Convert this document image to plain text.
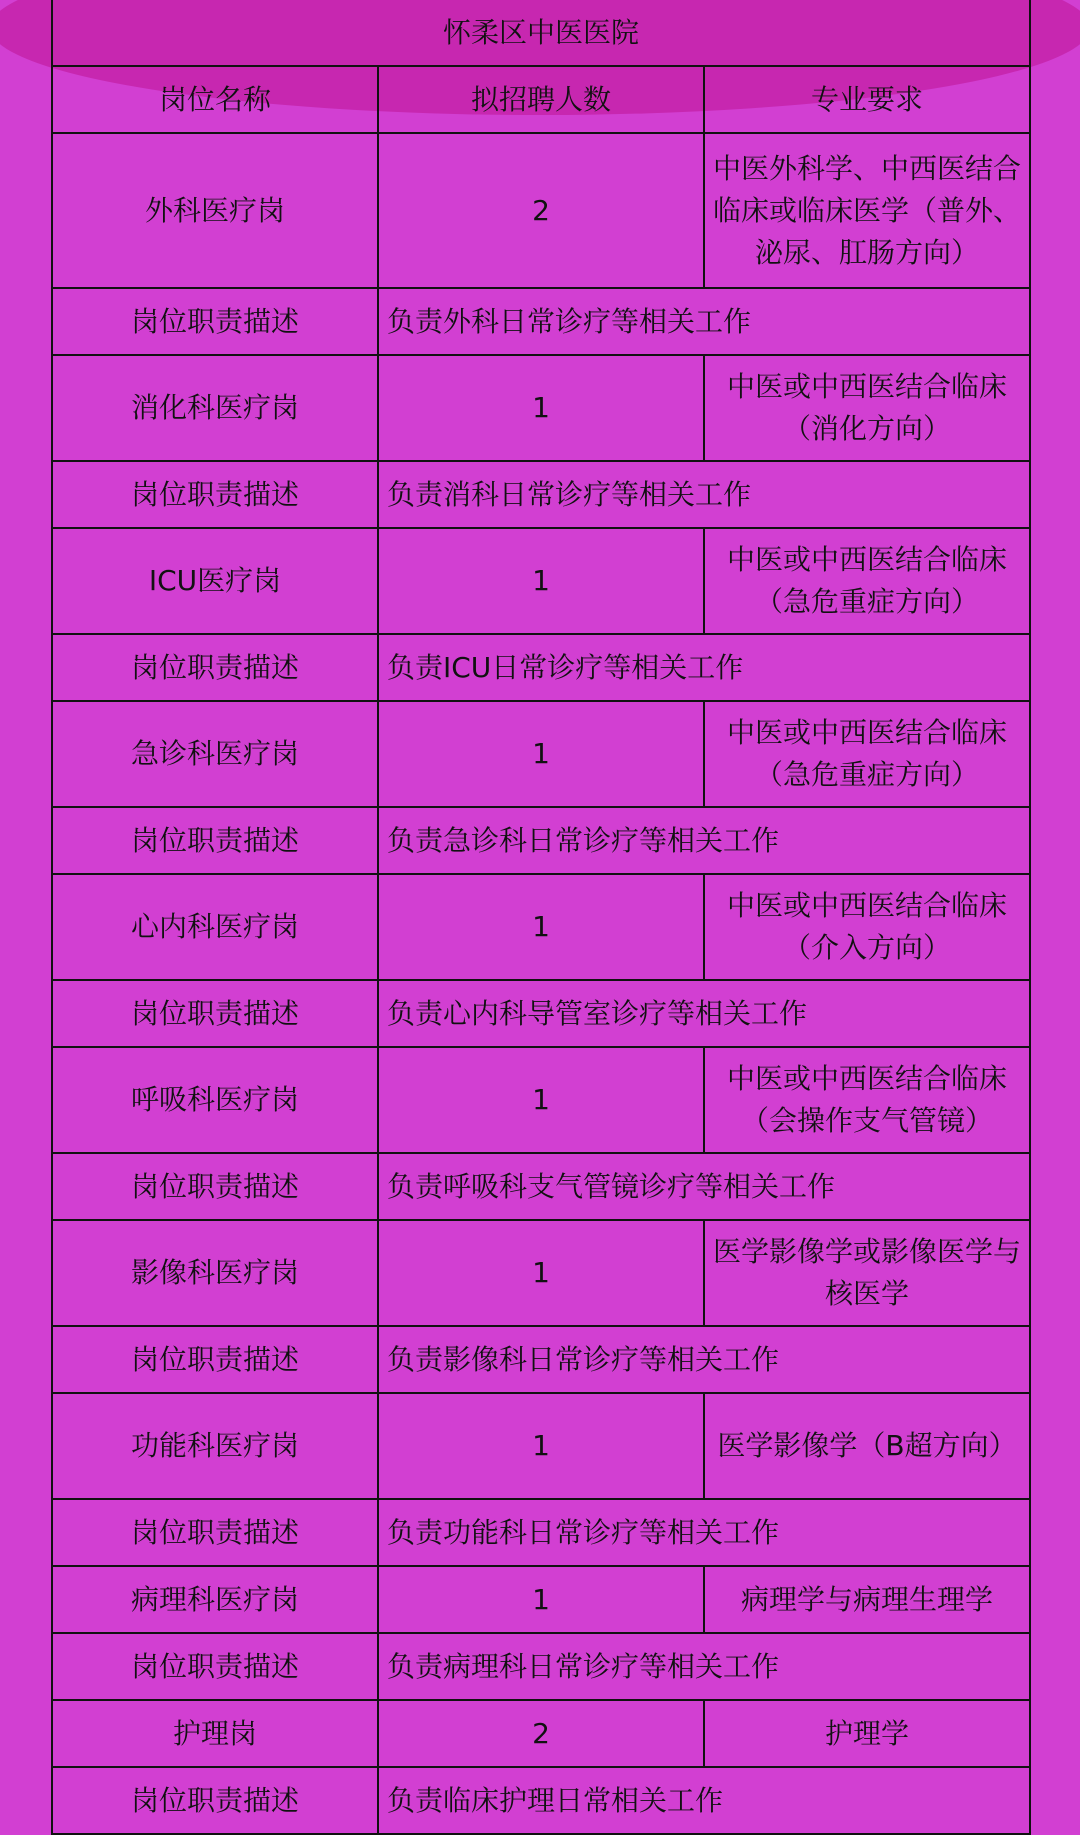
怀柔区中医医院		
岗位名称	拟招聘人数	专业要求
外科医疗岗	2	中医外科学、中西医结合临床或临床医学（普外、泌尿、肛肠方向）
岗位职责描述	负责外科日常诊疗等相关工作	
消化科医疗岗	1	中医或中西医结合临床（消化方向）
岗位职责描述	负责消科日常诊疗等相关工作	
ICU医疗岗	1	中医或中西医结合临床（急危重症方向）
岗位职责描述	负责ICU日常诊疗等相关工作	
急诊科医疗岗	1	中医或中西医结合临床（急危重症方向）
岗位职责描述	负责急诊科日常诊疗等相关工作	
心内科医疗岗	1	中医或中西医结合临床（介入方向）
岗位职责描述	负责心内科导管室诊疗等相关工作	
呼吸科医疗岗	1	中医或中西医结合临床（会操作支气管镜）
岗位职责描述	负责呼吸科支气管镜诊疗等相关工作	
影像科医疗岗	1	医学影像学或影像医学与核医学
岗位职责描述	负责影像科日常诊疗等相关工作	
功能科医疗岗	1	医学影像学（B超方向）
岗位职责描述	负责功能科日常诊疗等相关工作	
病理科医疗岗	1	病理学与病理生理学
岗位职责描述	负责病理科日常诊疗等相关工作	
护理岗	2	护理学
岗位职责描述	负责临床护理日常相关工作	
